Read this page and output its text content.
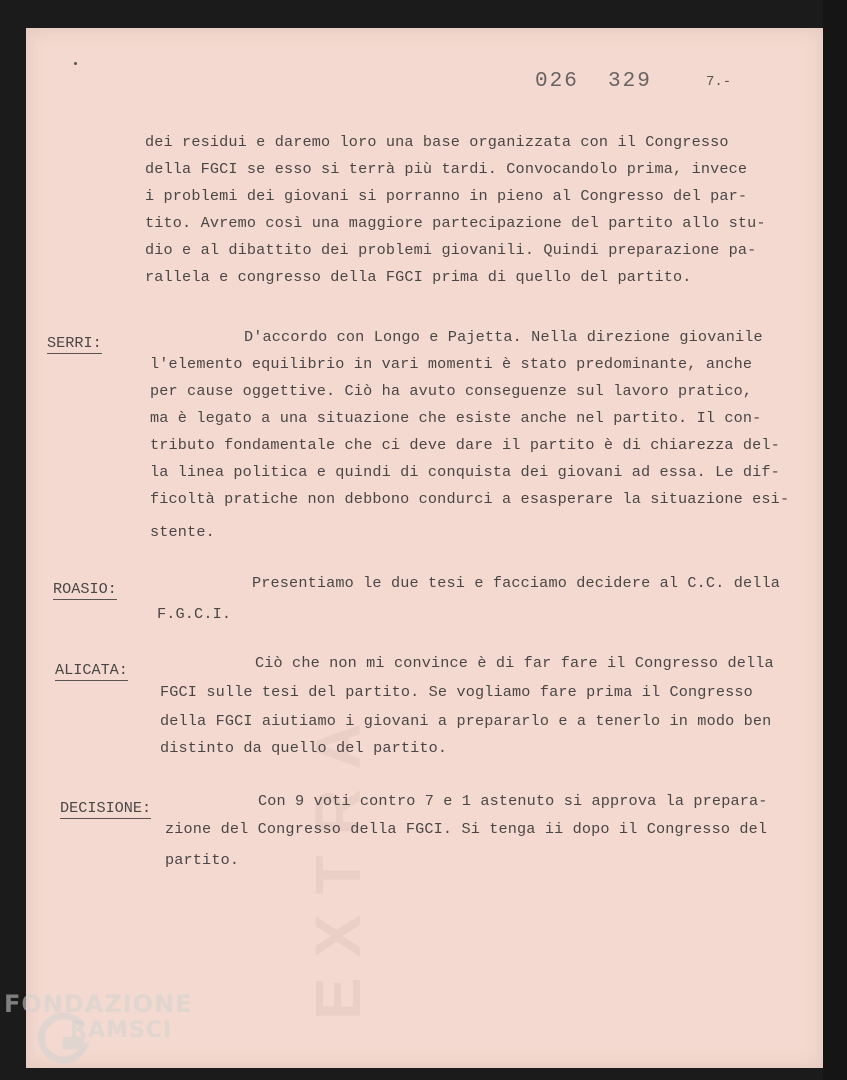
EXTRA
026  329	7.-

dei residui e daremo loro una base organizzata con il Congresso

della FGCI se esso si terrà più tardi. Convocandolo prima, invece

i problemi dei giovani si porranno in pieno al Congresso del par-

tito. Avremo così una maggiore partecipazione del partito allo stu-

dio e al dibattito dei problemi giovanili. Quindi preparazione pa-

rallela e congresso della FGCI prima di quello del partito.

SERRI:	D'accordo con Longo e Pajetta. Nella direzione giovanile

l'elemento equilibrio in vari momenti è stato predominante, anche

per cause oggettive. Ciò ha avuto conseguenze sul lavoro pratico,

ma è legato a una situazione che esiste anche nel partito. Il con-

tributo fondamentale che ci deve dare il partito è di chiarezza del-

la linea politica e quindi di conquista dei giovani ad essa. Le dif-

ficoltà pratiche non debbono condurci a esasperare la situazione esi-

stente.

ROASIO:	Presentiamo le due tesi e facciamo decidere al C.C. della

F.G.C.I.

ALICATA:	Ciò che non mi convince è di far fare il Congresso della

FGCI sulle tesi del partito. Se vogliamo fare prima il Congresso

della FGCI aiutiamo i giovani a prepararlo e a tenerlo in modo ben

distinto da quello del partito.

DECISIONE:	Con 9 voti contro 7 e 1 astenuto si approva la prepara-

zione del Congresso della FGCI. Si tenga ii dopo il Congresso del

partito.

FONDAZIONE
RAMSCI
